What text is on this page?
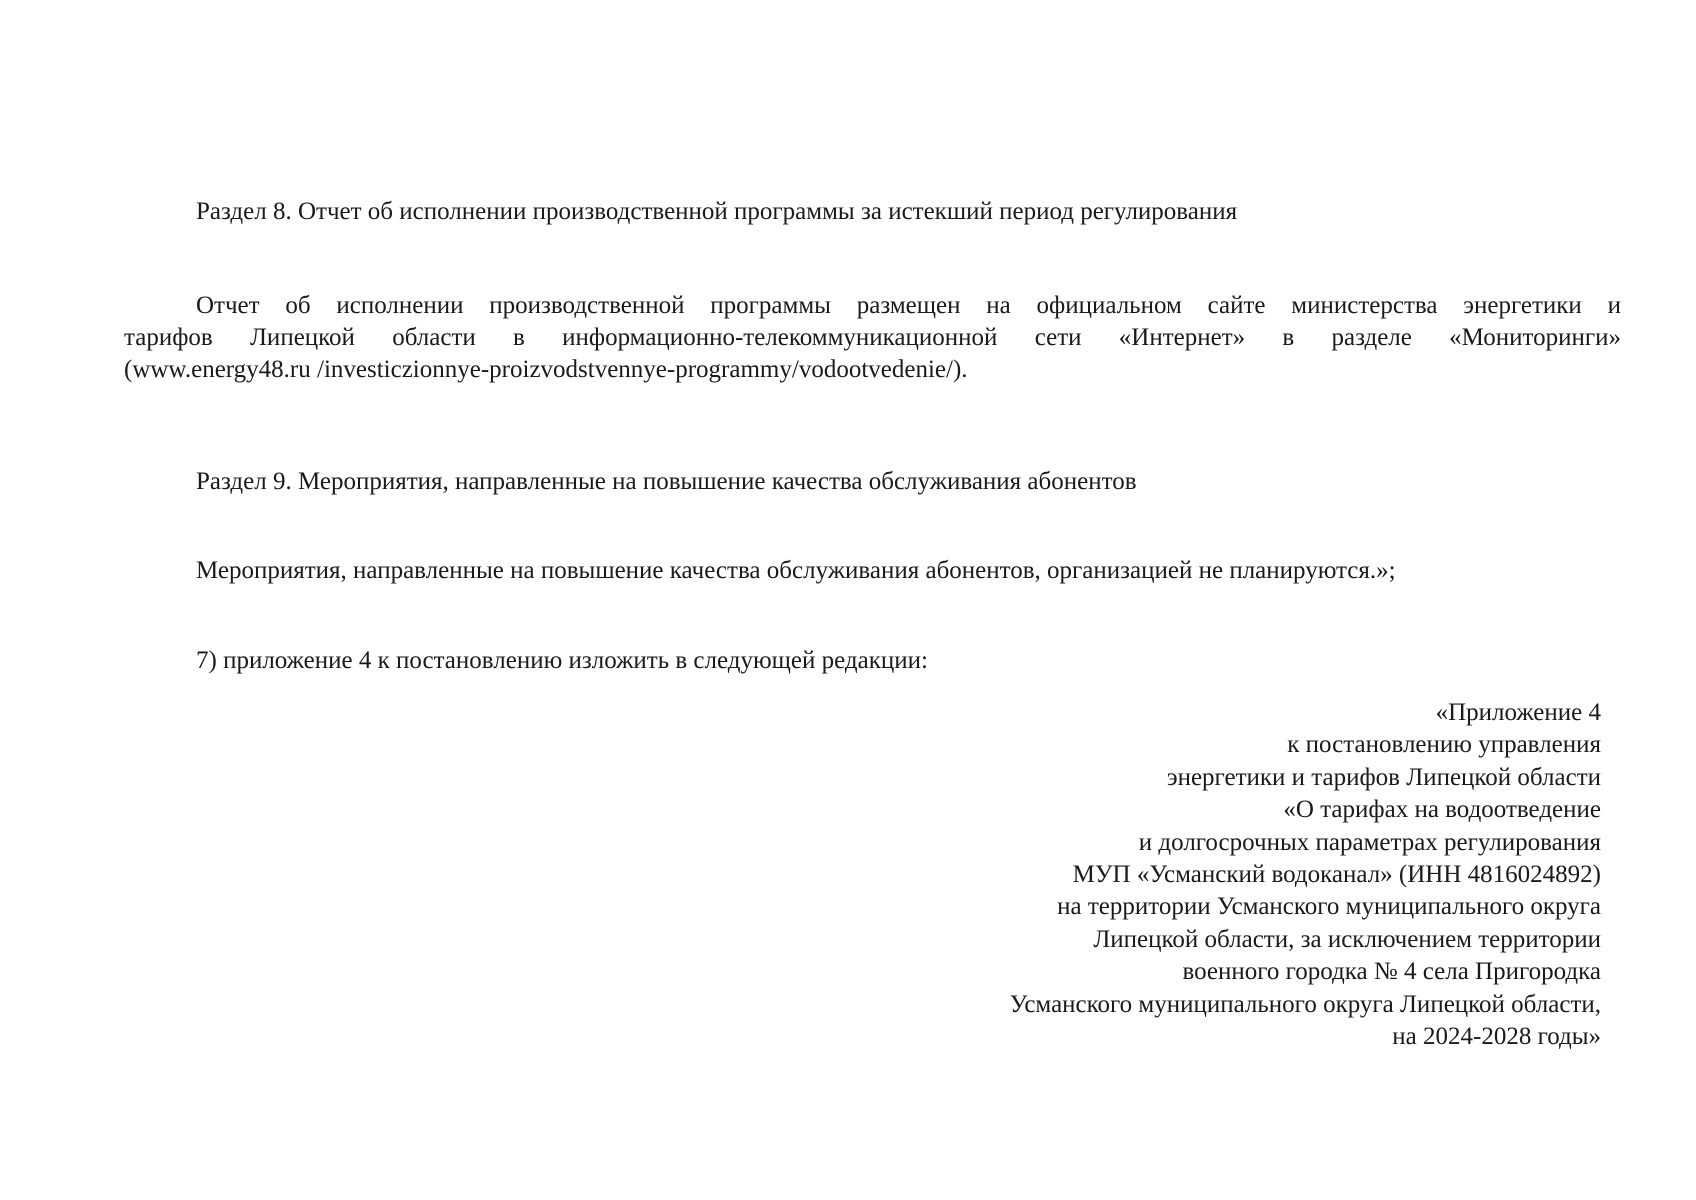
Раздел 8. Отчет об исполнении производственной программы за истекший период регулирования
Отчет об исполнении производственной программы размещен на официальном сайте министерства энергетики и
тарифов Липецкой области в информационно-телекоммуникационной сети «Интернет» в разделе «Мониторинги»
(www.energy48.ru /investiczionnye-proizvodstvennye-programmy/vodootvedenie/).
Раздел 9. Мероприятия, направленные на повышение качества обслуживания абонентов
Мероприятия, направленные на повышение качества обслуживания абонентов, организацией не планируются.»;
7) приложение 4 к постановлению изложить в следующей редакции:
«Приложение 4
к постановлению управления
энергетики и тарифов Липецкой области
«О тарифах на водоотведение
и долгосрочных параметрах регулирования
МУП «Усманский водоканал» (ИНН 4816024892)
на территории Усманского муниципального округа
Липецкой области, за исключением территории
военного городка № 4 села Пригородка
Усманского муниципального округа Липецкой области,
на 2024-2028 годы»
